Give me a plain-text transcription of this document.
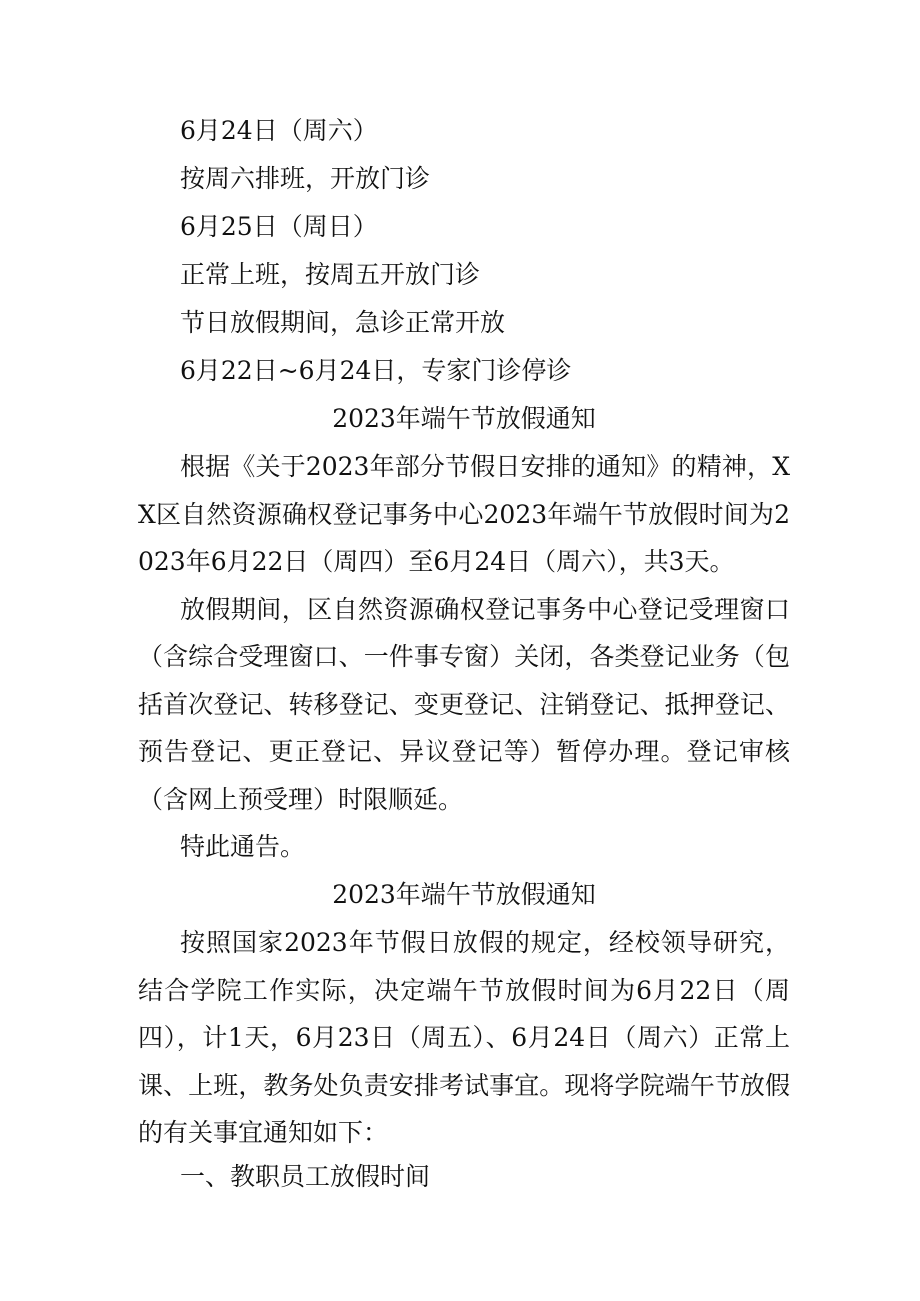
6月24日（周六）

按周六排班，开放门诊

6月25日（周日）

正常上班，按周五开放门诊

节日放假期间，急诊正常开放

6月22日~6月24日，专家门诊停诊

2023年端午节放假通知

根据《关于2023年部分节假日安排的通知》的精神，XX区自然资源确权登记事务中心2023年端午节放假时间为2023年6月22日（周四）至6月24日（周六），共3天。

放假期间，区自然资源确权登记事务中心登记受理窗口（含综合受理窗口、一件事专窗）关闭，各类登记业务（包括首次登记、转移登记、变更登记、注销登记、抵押登记、预告登记、更正登记、异议登记等）暂停办理。登记审核（含网上预受理）时限顺延。

特此通告。

2023年端午节放假通知

按照国家2023年节假日放假的规定，经校领导研究，结合学院工作实际，决定端午节放假时间为6月22日（周四），计1天，6月23日（周五）、6月24日（周六）正常上课、上班，教务处负责安排考试事宜。现将学院端午节放假的有关事宜通知如下：

一、教职员工放假时间
